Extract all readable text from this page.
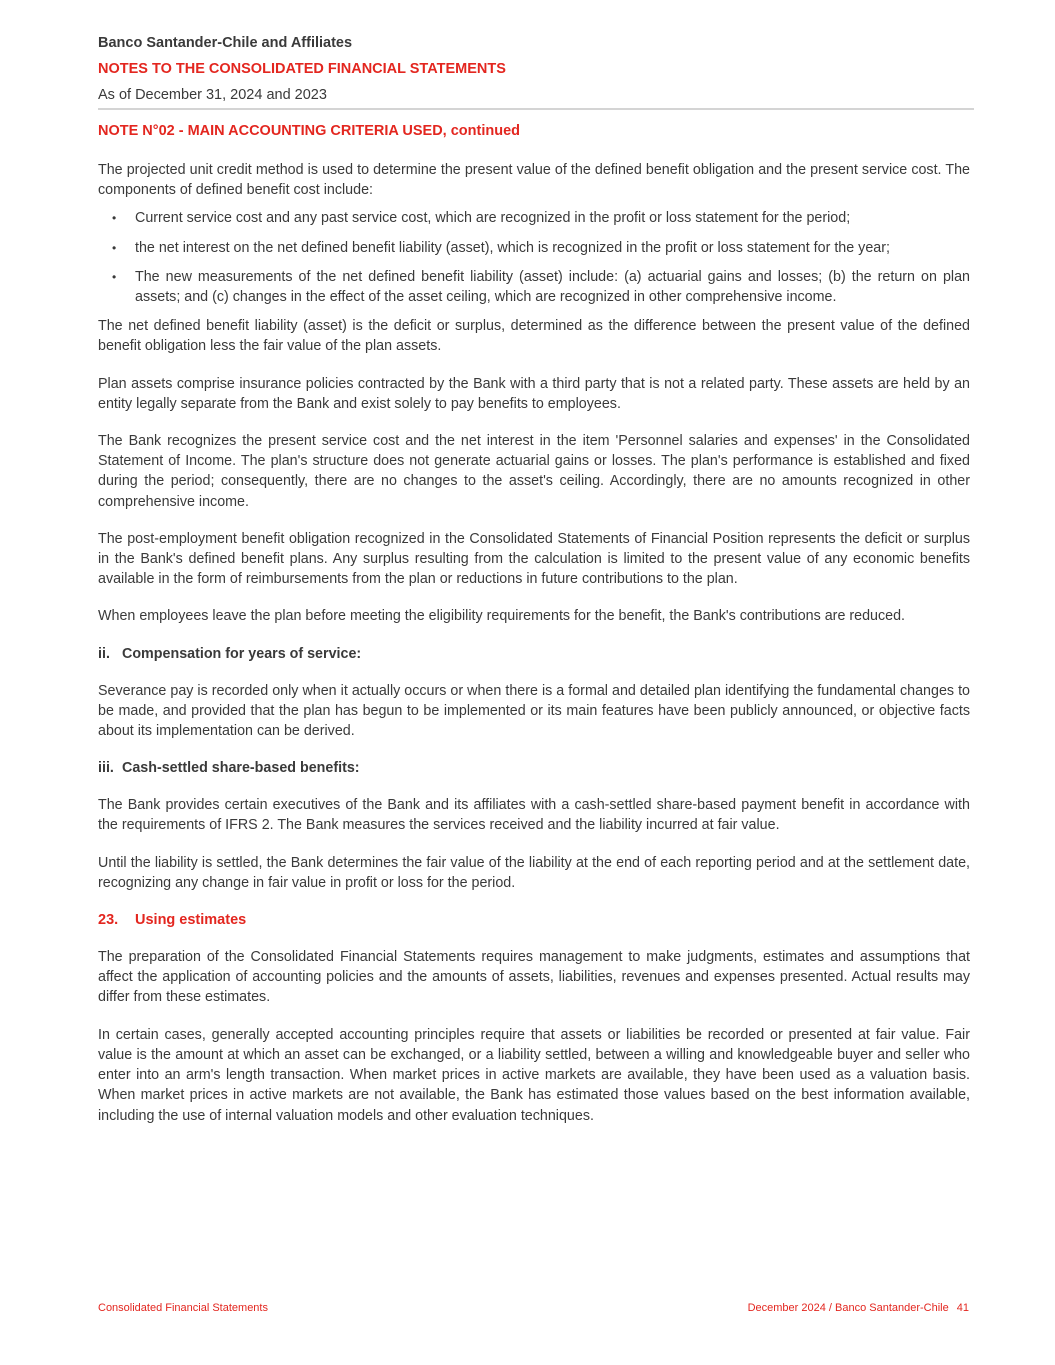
Banco Santander-Chile and Affiliates
NOTES TO THE CONSOLIDATED FINANCIAL STATEMENTS
As of December 31, 2024 and 2023
NOTE N°02 - MAIN ACCOUNTING CRITERIA USED, continued

The projected unit credit method is used to determine the present value of the defined benefit obligation and the present service cost. The components of defined benefit cost include:

• Current service cost and any past service cost, which are recognized in the profit or loss statement for the period;
• the net interest on the net defined benefit liability (asset), which is recognized in the profit or loss statement for the year;
• The new measurements of the net defined benefit liability (asset) include: (a) actuarial gains and losses; (b) the return on plan assets; and (c) changes in the effect of the asset ceiling, which are recognized in other comprehensive income.

The net defined benefit liability (asset) is the deficit or surplus, determined as the difference between the present value of the defined benefit obligation less the fair value of the plan assets.

Plan assets comprise insurance policies contracted by the Bank with a third party that is not a related party. These assets are held by an entity legally separate from the Bank and exist solely to pay benefits to employees.

The Bank recognizes the present service cost and the net interest in the item 'Personnel salaries and expenses' in the Consolidated Statement of Income. The plan's structure does not generate actuarial gains or losses. The plan's performance is established and fixed during the period; consequently, there are no changes to the asset's ceiling. Accordingly, there are no amounts recognized in other comprehensive income.

The post-employment benefit obligation recognized in the Consolidated Statements of Financial Position represents the deficit or surplus in the Bank's defined benefit plans. Any surplus resulting from the calculation is limited to the present value of any economic benefits available in the form of reimbursements from the plan or reductions in future contributions to the plan.

When employees leave the plan before meeting the eligibility requirements for the benefit, the Bank's contributions are reduced.

ii. Compensation for years of service:

Severance pay is recorded only when it actually occurs or when there is a formal and detailed plan identifying the fundamental changes to be made, and provided that the plan has begun to be implemented or its main features have been publicly announced, or objective facts about its implementation can be derived.

iii. Cash-settled share-based benefits:

The Bank provides certain executives of the Bank and its affiliates with a cash-settled share-based payment benefit in accordance with the requirements of IFRS 2. The Bank measures the services received and the liability incurred at fair value.

Until the liability is settled, the Bank determines the fair value of the liability at the end of each reporting period and at the settlement date, recognizing any change in fair value in profit or loss for the period.

23. Using estimates

The preparation of the Consolidated Financial Statements requires management to make judgments, estimates and assumptions that affect the application of accounting policies and the amounts of assets, liabilities, revenues and expenses presented. Actual results may differ from these estimates.

In certain cases, generally accepted accounting principles require that assets or liabilities be recorded or presented at fair value. Fair value is the amount at which an asset can be exchanged, or a liability settled, between a willing and knowledgeable buyer and seller who enter into an arm's length transaction. When market prices in active markets are available, they have been used as a valuation basis. When market prices in active markets are not available, the Bank has estimated those values based on the best information available, including the use of internal valuation models and other evaluation techniques.

Consolidated Financial Statements	December 2024 / Banco Santander-Chile 41
